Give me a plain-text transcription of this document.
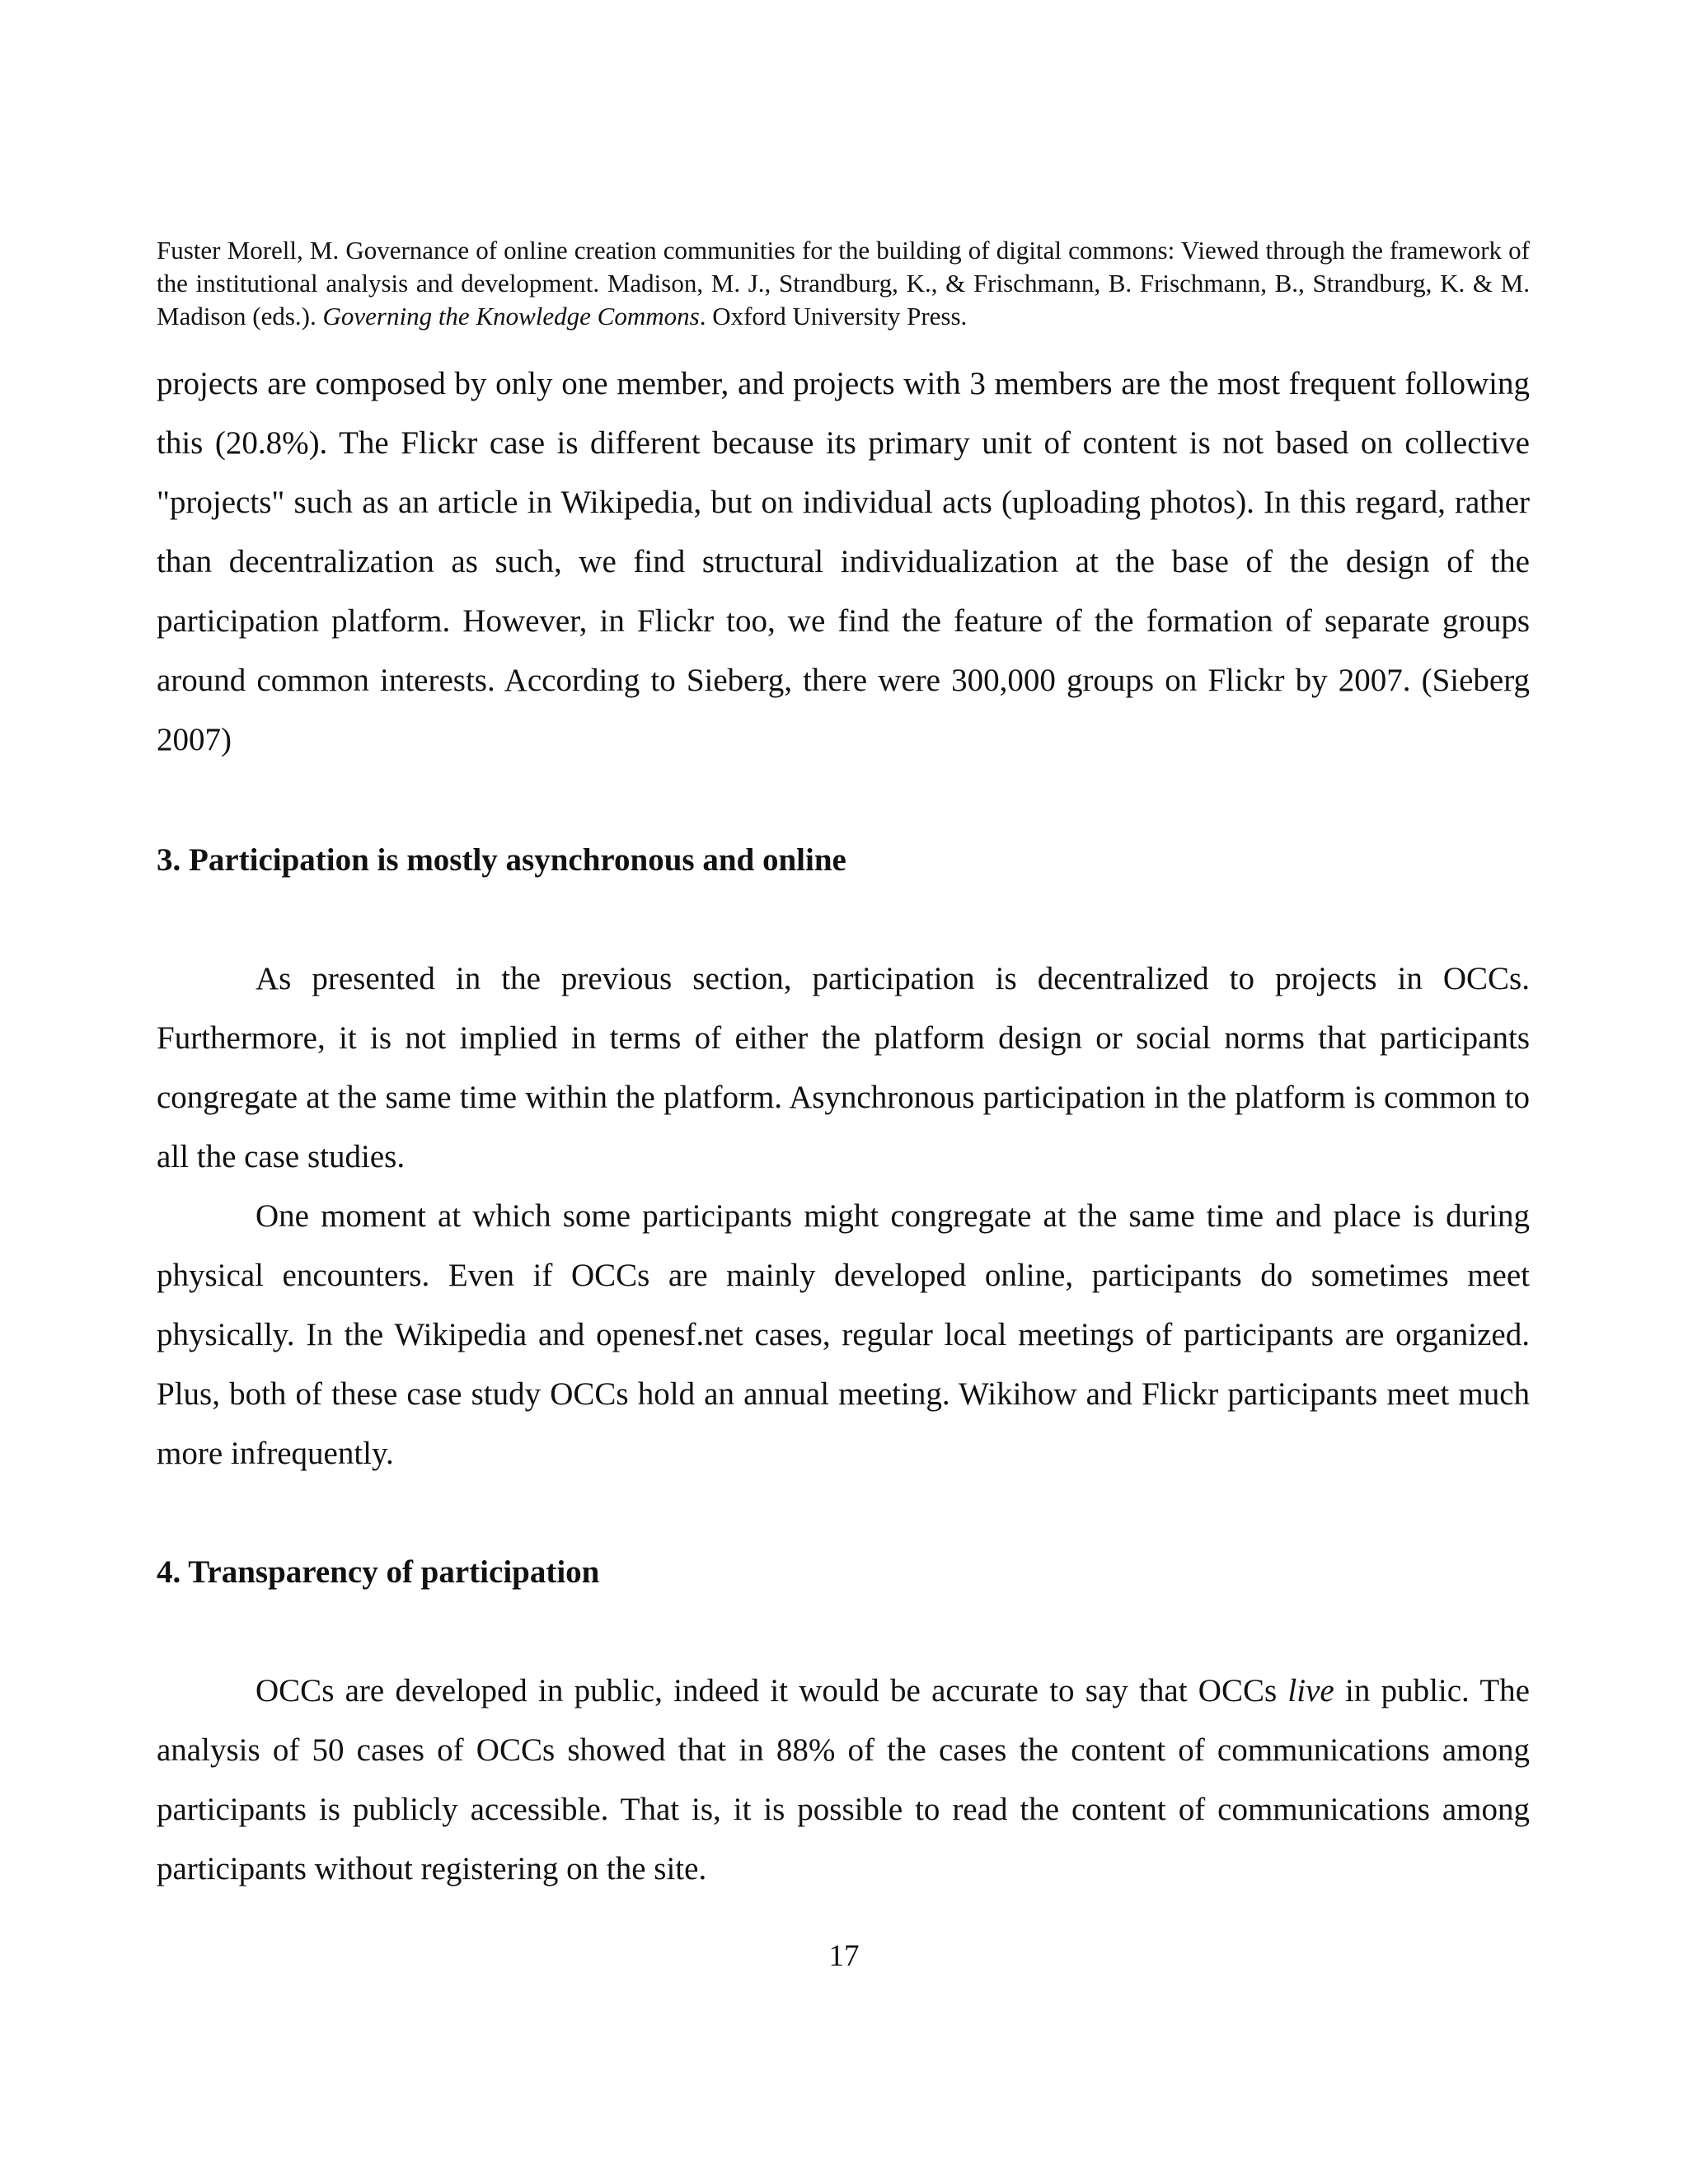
Fuster Morell, M. Governance of online creation communities for the building of digital commons: Viewed through the framework of the institutional analysis and development. Madison, M. J., Strandburg, K., & Frischmann, B. Frischmann, B., Strandburg, K. & M. Madison (eds.). Governing the Knowledge Commons. Oxford University Press.

projects are composed by only one member, and projects with 3 members are the most frequent following this (20.8%). The Flickr case is different because its primary unit of content is not based on collective "projects" such as an article in Wikipedia, but on individual acts (uploading photos). In this regard, rather than decentralization as such, we find structural individualization at the base of the design of the participation platform. However, in Flickr too, we find the feature of the formation of separate groups around common interests. According to Sieberg, there were 300,000 groups on Flickr by 2007. (Sieberg 2007)

3. Participation is mostly asynchronous and online

As presented in the previous section, participation is decentralized to projects in OCCs. Furthermore, it is not implied in terms of either the platform design or social norms that participants congregate at the same time within the platform. Asynchronous participation in the platform is common to all the case studies.

One moment at which some participants might congregate at the same time and place is during physical encounters. Even if OCCs are mainly developed online, participants do sometimes meet physically. In the Wikipedia and openesf.net cases, regular local meetings of participants are organized. Plus, both of these case study OCCs hold an annual meeting. Wikihow and Flickr participants meet much more infrequently.

4. Transparency of participation

OCCs are developed in public, indeed it would be accurate to say that OCCs live in public. The analysis of 50 cases of OCCs showed that in 88% of the cases the content of communications among participants is publicly accessible. That is, it is possible to read the content of communications among participants without registering on the site.

17
